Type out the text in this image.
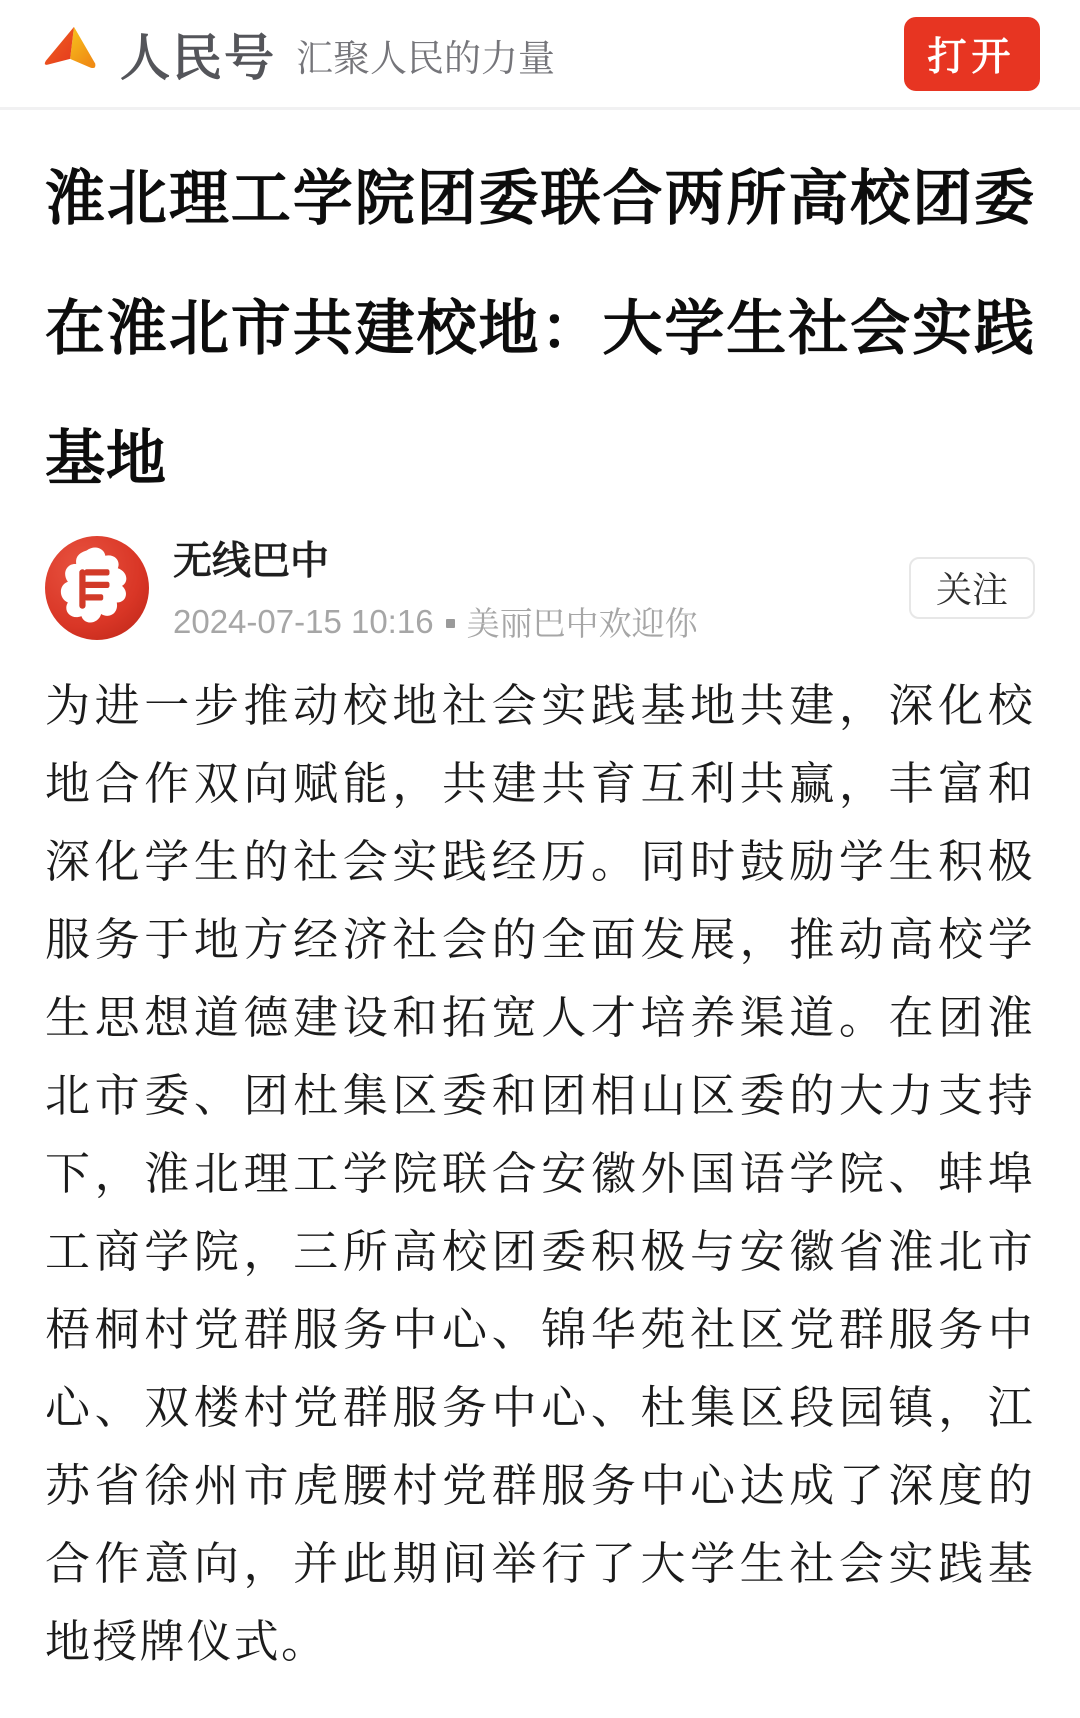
人民号 汇聚人民的力量	打开
淮北理工学院团委联合两所高校团委在淮北市共建校地：大学生社会实践基地
无线巴中
2024-07-15 10:16 美丽巴中欢迎你
关注

为进一步推动校地社会实践基地共建，深化校地合作双向赋能，共建共育互利共赢，丰富和深化学生的社会实践经历。同时鼓励学生积极服务于地方经济社会的全面发展，推动高校学生思想道德建设和拓宽人才培养渠道。在团淮北市委、团杜集区委和团相山区委的大力支持下，淮北理工学院联合安徽外国语学院、蚌埠工商学院，三所高校团委积极与安徽省淮北市梧桐村党群服务中心、锦华苑社区党群服务中心、双楼村党群服务中心、杜集区段园镇，江苏省徐州市虎腰村党群服务中心达成了深度的合作意向，并此期间举行了大学生社会实践基地授牌仪式。
